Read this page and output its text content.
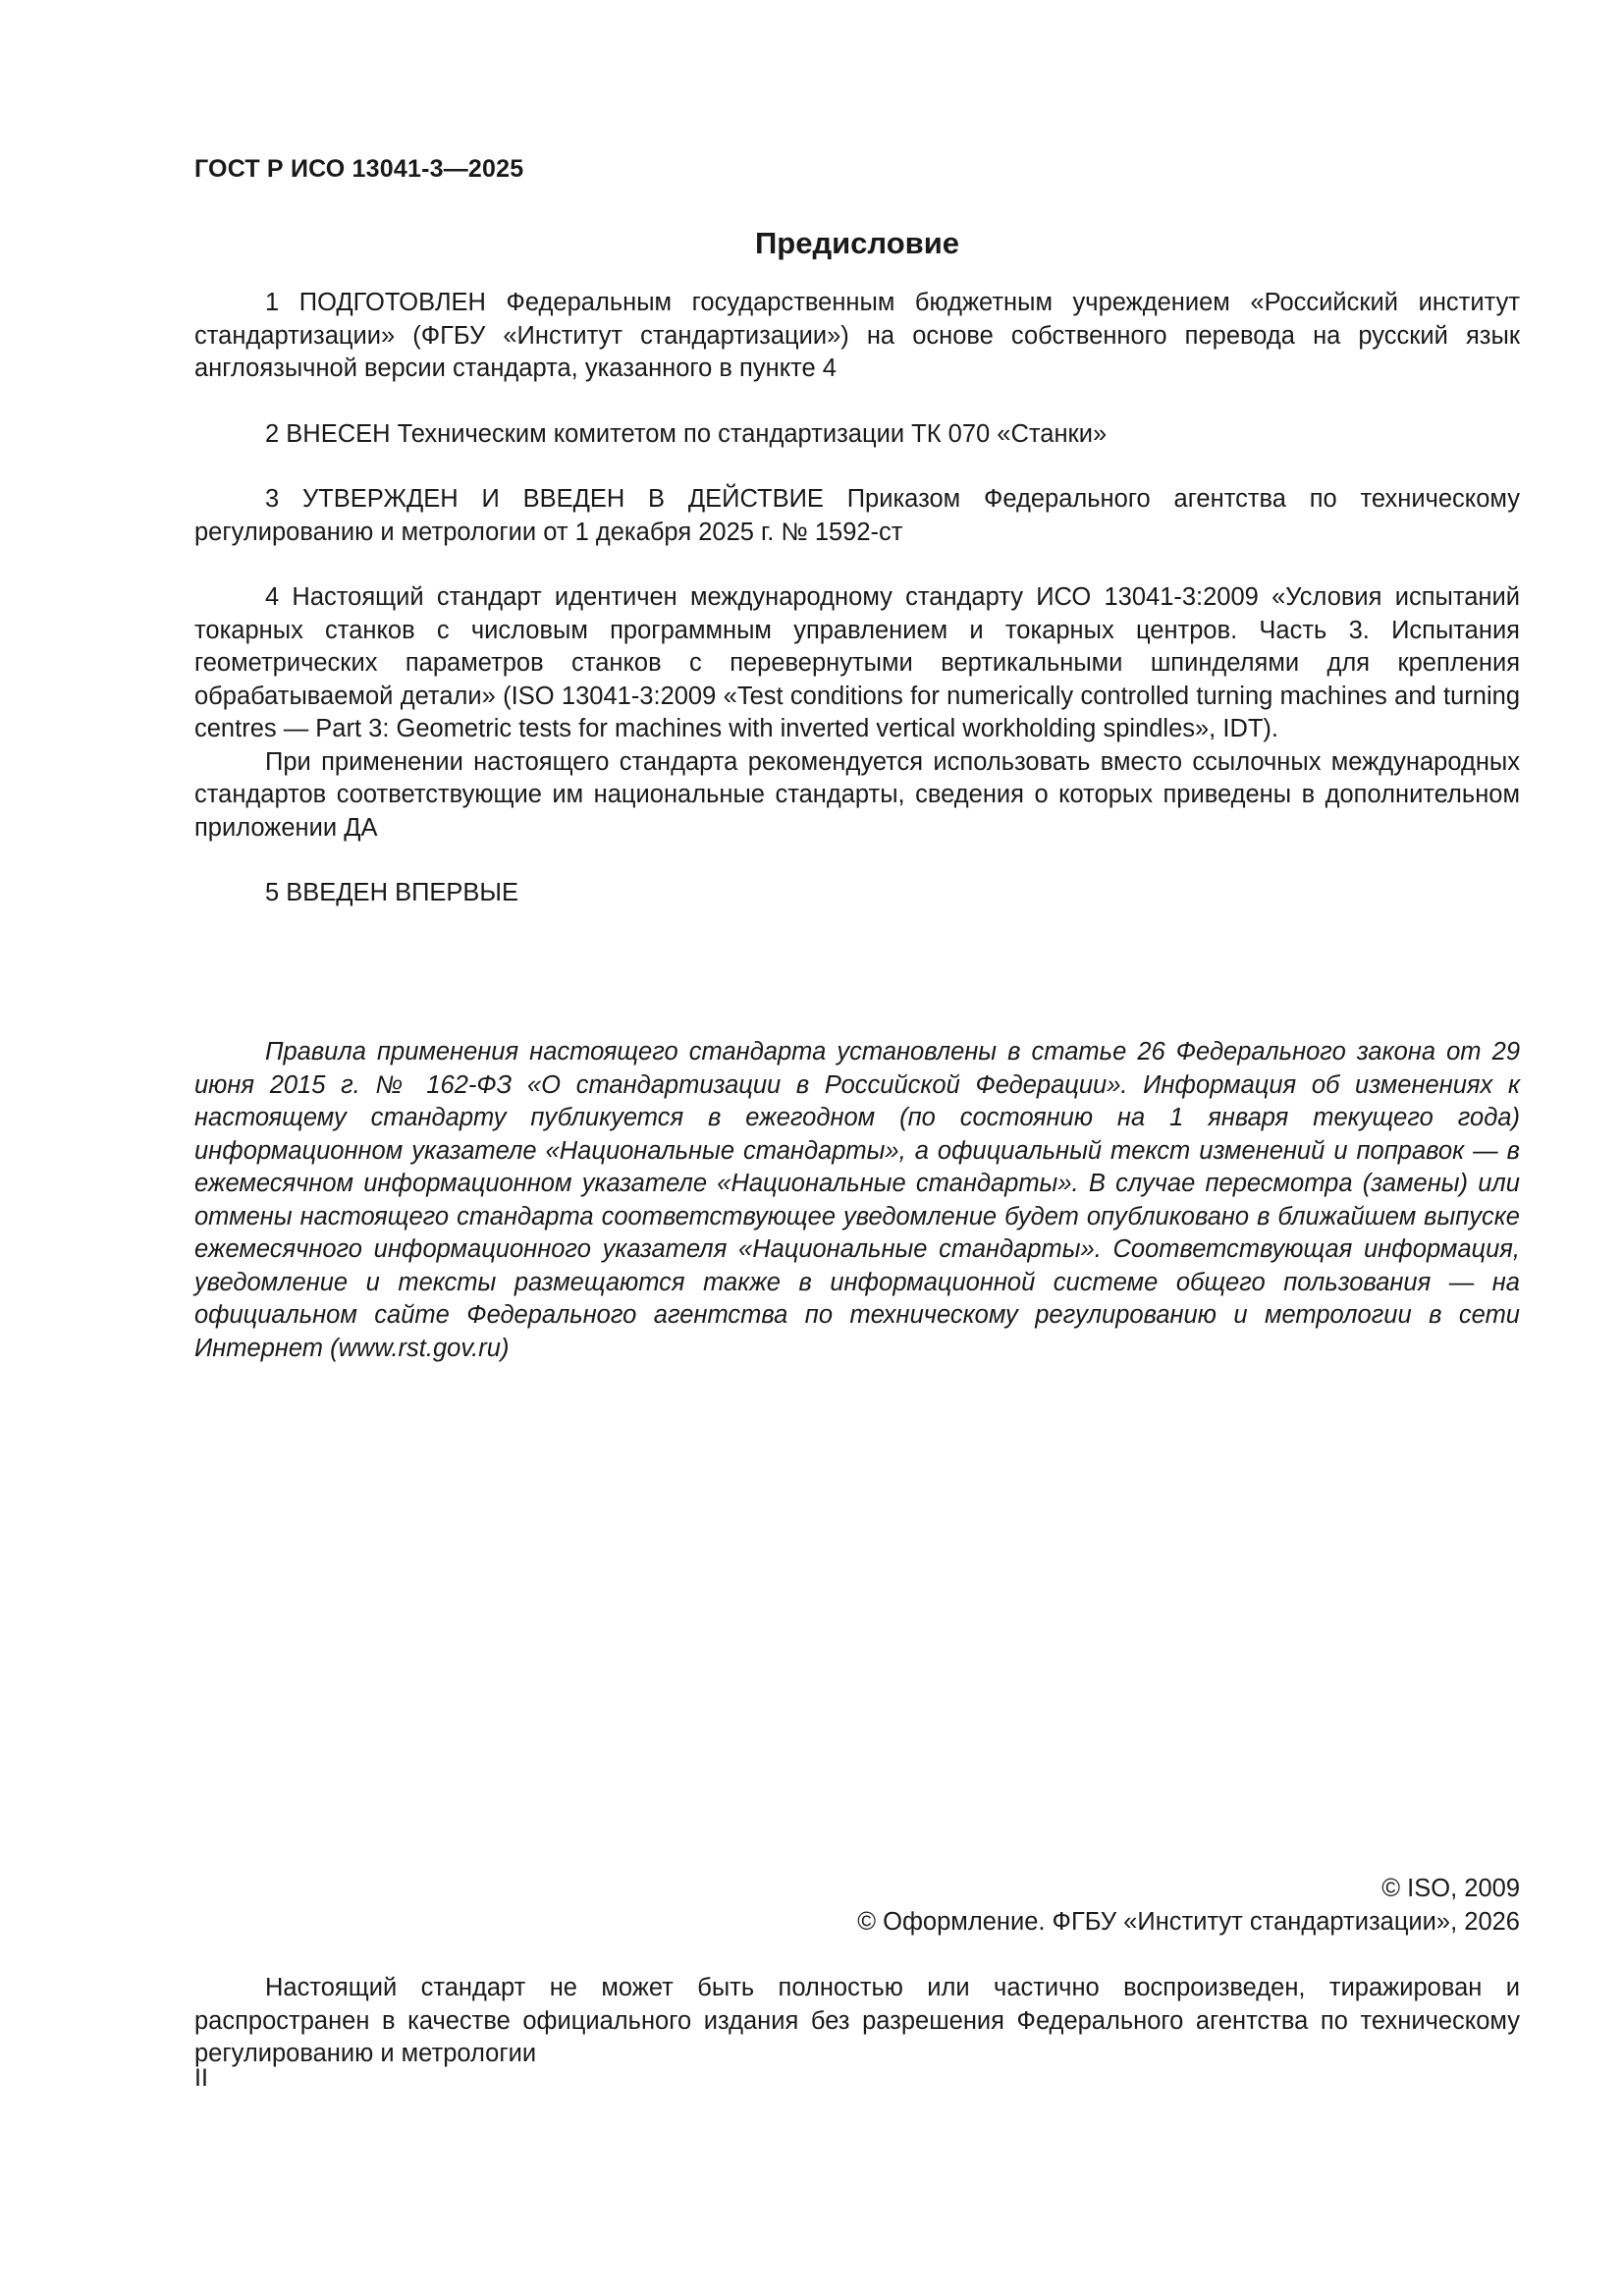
ГОСТ Р ИСО 13041-3—2025
Предисловие

1 ПОДГОТОВЛЕН Федеральным государственным бюджетным учреждением «Российский институт стандартизации» (ФГБУ «Институт стандартизации») на основе собственного перевода на русский язык англоязычной версии стандарта, указанного в пункте 4

2 ВНЕСЕН Техническим комитетом по стандартизации ТК 070 «Станки»

3 УТВЕРЖДЕН И ВВЕДЕН В ДЕЙСТВИЕ Приказом Федерального агентства по техническому регулированию и метрологии от 1 декабря 2025 г. № 1592-ст

4 Настоящий стандарт идентичен международному стандарту ИСО 13041-3:2009 «Условия испытаний токарных станков с числовым программным управлением и токарных центров. Часть 3. Испытания геометрических параметров станков с перевернутыми вертикальными шпинделями для крепления обрабатываемой детали» (ISO 13041-3:2009 «Test conditions for numerically controlled turning machines and turning centres — Part 3: Geometric tests for machines with inverted vertical workholding spindles», IDT).

При применении настоящего стандарта рекомендуется использовать вместо ссылочных международных стандартов соответствующие им национальные стандарты, сведения о которых приведены в дополнительном приложении ДА

5 ВВЕДЕН ВПЕРВЫЕ

Правила применения настоящего стандарта установлены в статье 26 Федерального закона от 29 июня 2015 г. № 162-ФЗ «О стандартизации в Российской Федерации». Информация об изменениях к настоящему стандарту публикуется в ежегодном (по состоянию на 1 января текущего года) информационном указателе «Национальные стандарты», а официальный текст изменений и поправок — в ежемесячном информационном указателе «Национальные стандарты». В случае пересмотра (замены) или отмены настоящего стандарта соответствующее уведомление будет опубликовано в ближайшем выпуске ежемесячного информационного указателя «Национальные стандарты». Соответствующая информация, уведомление и тексты размещаются также в информационной системе общего пользования — на официальном сайте Федерального агентства по техническому регулированию и метрологии в сети Интернет (www.rst.gov.ru)

© ISO, 2009
© Оформление. ФГБУ «Институт стандартизации», 2026

Настоящий стандарт не может быть полностью или частично воспроизведен, тиражирован и распространен в качестве официального издания без разрешения Федерального агентства по техническому регулированию и метрологии

II
